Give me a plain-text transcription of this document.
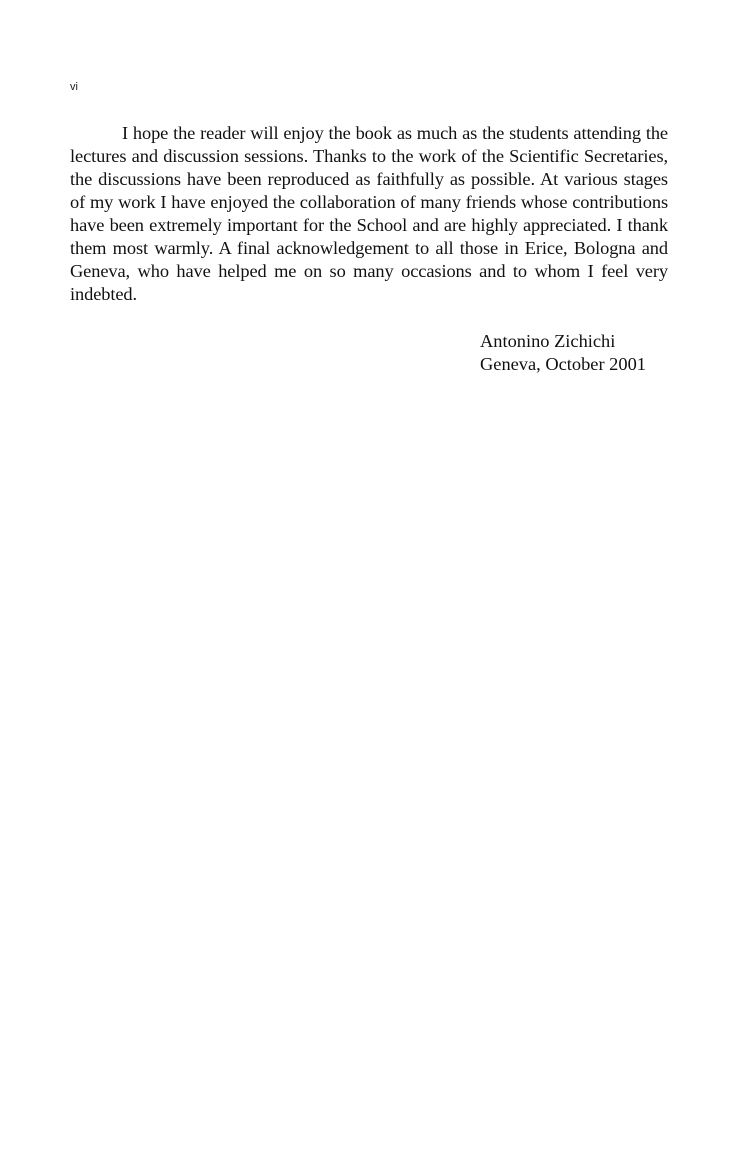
vi

I hope the reader will enjoy the book as much as the students attending the lectures and discussion sessions. Thanks to the work of the Scientific Secretaries, the discussions have been reproduced as faithfully as possible. At various stages of my work I have enjoyed the collaboration of many friends whose contributions have been extremely important for the School and are highly appreciated. I thank them most warmly. A final acknowledgement to all those in Erice, Bologna and Geneva, who have helped me on so many occasions and to whom I feel very indebted.

Antonino Zichichi
Geneva, October 2001
